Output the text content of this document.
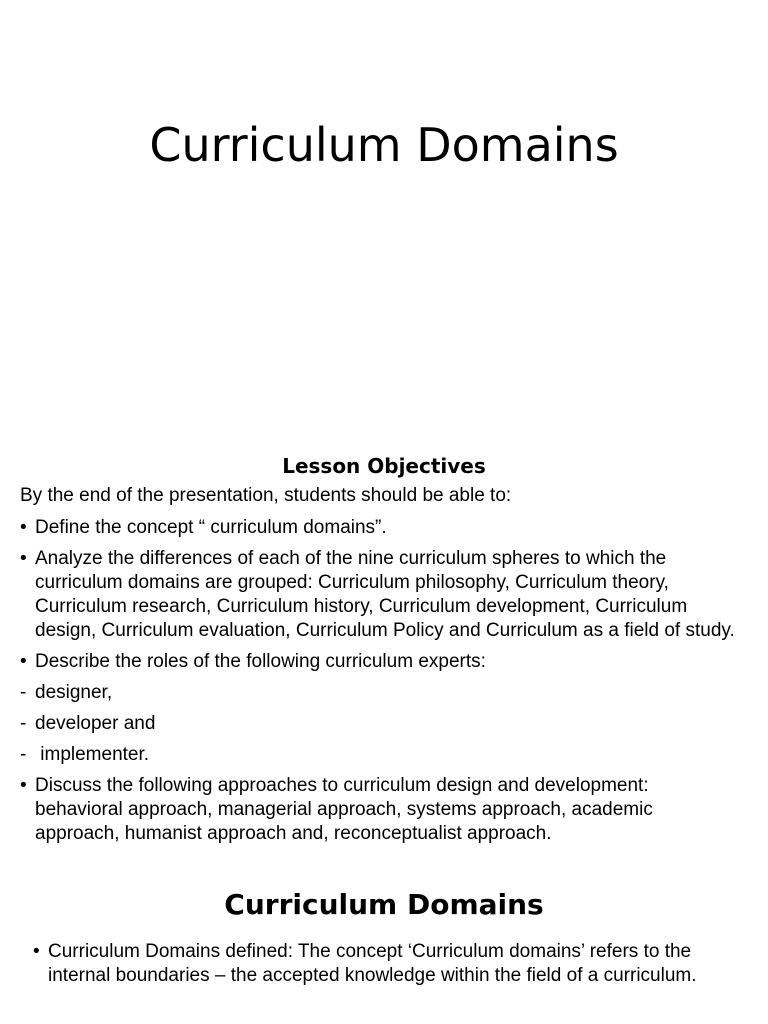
Curriculum Domains
Lesson Objectives

By the end of the presentation, students should be able to:

• Define the concept “ curriculum domains”.
• Analyze the differences of each of the nine curriculum spheres to which the curriculum domains are grouped: Curriculum philosophy, Curriculum theory, Curriculum research, Curriculum history, Curriculum development, Curriculum design, Curriculum evaluation, Curriculum Policy and Curriculum as a field of study.
• Describe the roles of the following curriculum experts:
- designer,
- developer and
- implementer.
• Discuss the following approaches to curriculum design and development: behavioral approach, managerial approach, systems approach, academic approach, humanist approach and, reconceptualist approach.
Curriculum Domains
• Curriculum Domains defined: The concept ‘Curriculum domains’ refers to the internal boundaries – the accepted knowledge within the field of a curriculum.
